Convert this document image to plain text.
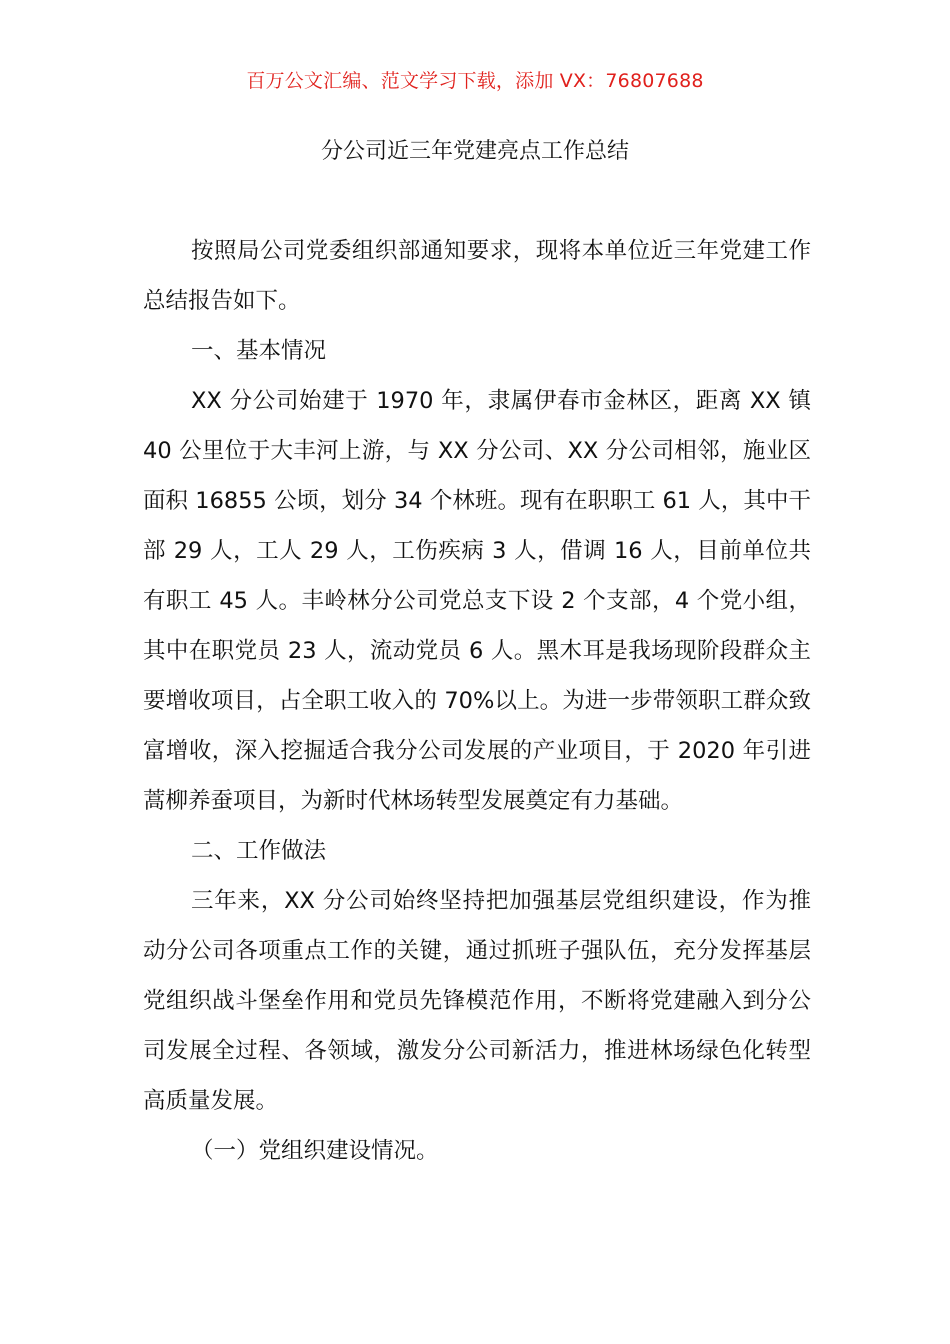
百万公文汇编、范文学习下载，添加 VX：76807688
分公司近三年党建亮点工作总结

按照局公司党委组织部通知要求，现将本单位近三年党建工作总结报告如下。

一、基本情况

XX 分公司始建于 1970 年，隶属伊春市金林区，距离 XX 镇 40 公里位于大丰河上游，与 XX 分公司、XX 分公司相邻，施业区面积 16855 公顷，划分 34 个林班。现有在职职工 61 人，其中干部 29 人，工人 29 人，工伤疾病 3 人，借调 16 人，目前单位共有职工 45 人。丰岭林分公司党总支下设 2 个支部，4 个党小组，其中在职党员 23 人，流动党员 6 人。黑木耳是我场现阶段群众主要增收项目，占全职工收入的 70%以上。为进一步带领职工群众致富增收，深入挖掘适合我分公司发展的产业项目，于 2020 年引进蒿柳养蚕项目，为新时代林场转型发展奠定有力基础。

二、工作做法

三年来，XX 分公司始终坚持把加强基层党组织建设，作为推动分公司各项重点工作的关键，通过抓班子强队伍，充分发挥基层党组织战斗堡垒作用和党员先锋模范作用，不断将党建融入到分公司发展全过程、各领域，激发分公司新活力，推进林场绿色化转型高质量发展。

（一）党组织建设情况。
